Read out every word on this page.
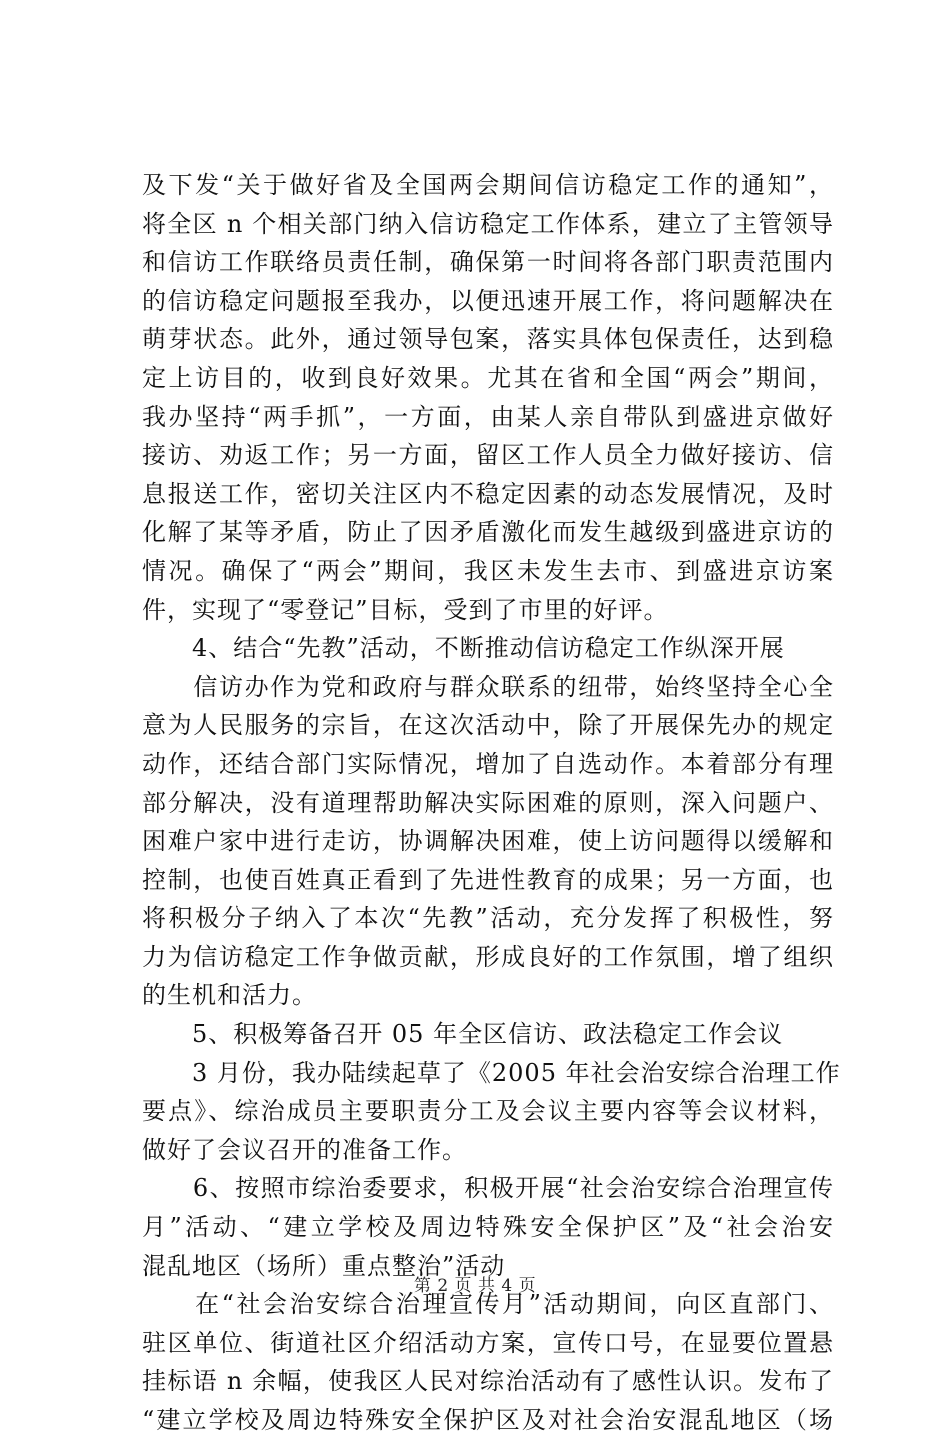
及下发“关于做好省及全国两会期间信访稳定工作的通知”，
将全区 n 个相关部门纳入信访稳定工作体系，建立了主管领导
和信访工作联络员责任制，确保第一时间将各部门职责范围内
的信访稳定问题报至我办，以便迅速开展工作，将问题解决在
萌芽状态。此外，通过领导包案，落实具体包保责任，达到稳
定上访目的，收到良好效果。尤其在省和全国“两会”期间，
我办坚持“两手抓”，一方面，由某人亲自带队到盛进京做好
接访、劝返工作；另一方面，留区工作人员全力做好接访、信
息报送工作，密切关注区内不稳定因素的动态发展情况，及时
化解了某等矛盾，防止了因矛盾激化而发生越级到盛进京访的
情况。确保了“两会”期间，我区未发生去市、到盛进京访案
件，实现了“零登记”目标，受到了市里的好评。
　　4、结合“先教”活动，不断推动信访稳定工作纵深开展
　　信访办作为党和政府与群众联系的纽带，始终坚持全心全
意为人民服务的宗旨，在这次活动中，除了开展保先办的规定
动作，还结合部门实际情况，增加了自选动作。本着部分有理
部分解决，没有道理帮助解决实际困难的原则，深入问题户、
困难户家中进行走访，协调解决困难，使上访问题得以缓解和
控制，也使百姓真正看到了先进性教育的成果；另一方面，也
将积极分子纳入了本次“先教”活动，充分发挥了积极性，努
力为信访稳定工作争做贡献，形成良好的工作氛围，增了组织
的生机和活力。
　　5、积极筹备召开 05 年全区信访、政法稳定工作会议
　　3 月份，我办陆续起草了《2005 年社会治安综合治理工作
要点》、综治成员主要职责分工及会议主要内容等会议材料，
做好了会议召开的准备工作。
　　6、按照市综治委要求，积极开展“社会治安综合治理宣传
月”活动、“建立学校及周边特殊安全保护区”及“社会治安
混乱地区（场所）重点整治”活动
　　在“社会治安综合治理宣传月”活动期间，向区直部门、
驻区单位、街道社区介绍活动方案，宣传口号，在显要位置悬
挂标语 n 余幅，使我区人民对综治活动有了感性认识。发布了
“建立学校及周边特殊安全保护区及对社会治安混乱地区（场
第 2 页 共 4 页
